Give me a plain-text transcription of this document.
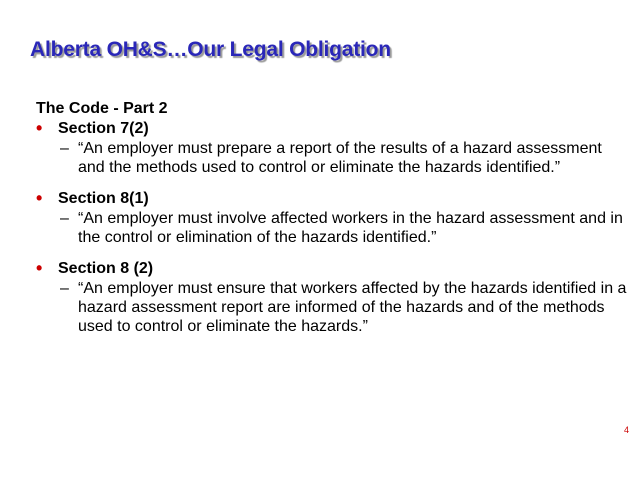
Alberta OH&S…Our Legal Obligation

The Code - Part 2

• Section 7(2)
– “An employer must prepare a report of the results of a hazard assessment and the methods used to control or eliminate the hazards identified.”
• Section 8(1)
– “An employer must involve affected workers in the hazard assessment and in the control or elimination of the hazards identified.”
• Section 8 (2)
– “An employer must ensure that workers affected by the hazards identified in a hazard assessment report are informed of the hazards and of the methods used to control or eliminate the hazards.”
4
